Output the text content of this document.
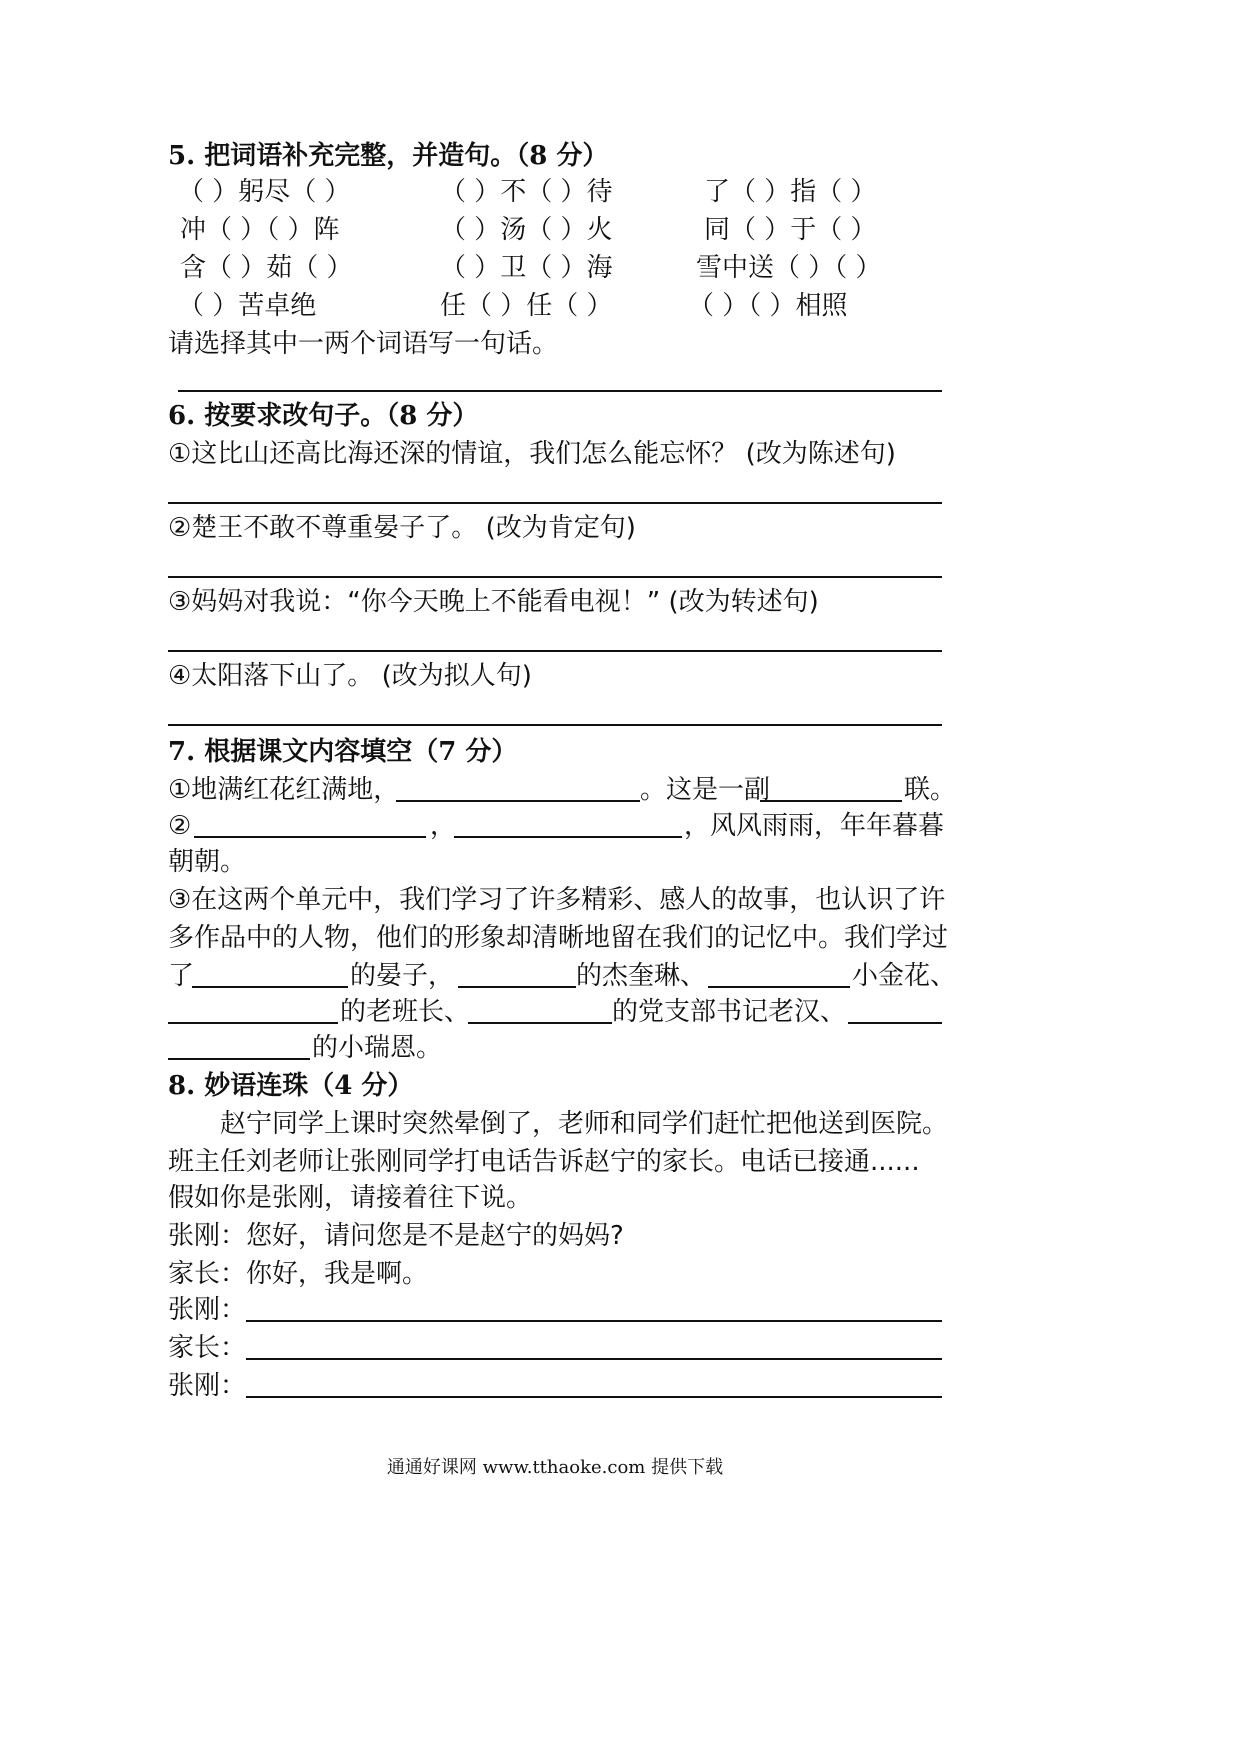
5. 把词语补充完整，并造句。（8 分）
（ ）躬尽（ ）	（ ）不（ ）待	了（ ）指（ ）
冲（ ）（ ）阵	（ ）汤（ ）火	同（ ）于（ ）
含（ ）茹（ ）	（ ）卫（ ）海	雪中送（ ）（ ）
（ ）苦卓绝	任（ ）任（ ）	（ ）（ ）相照
请选择其中一两个词语写一句话。
6. 按要求改句子。（8 分）
①这比山还高比海还深的情谊，我们怎么能忘怀？ (改为陈述句)
②楚王不敢不尊重晏子了。 (改为肯定句)
③妈妈对我说：“你今天晚上不能看电视！” (改为转述句)
④太阳落下山了。 (改为拟人句)
7. 根据课文内容填空（7 分）
①地满红花红满地，	。这是一副	联。
②	，	，风风雨雨，年年暮暮
朝朝。
③在这两个单元中，我们学习了许多精彩、感人的故事，也认识了许
多作品中的人物，他们的形象却清晰地留在我们的记忆中。我们学过
了	的晏子，	的杰奎琳、	小金花、
的老班长、	的党支部书记老汉、
的小瑞恩。
8. 妙语连珠（4 分）
赵宁同学上课时突然晕倒了，老师和同学们赶忙把他送到医院。
班主任刘老师让张刚同学打电话告诉赵宁的家长。电话已接通......
假如你是张刚，请接着往下说。
张刚：您好，请问您是不是赵宁的妈妈?
家长：你好，我是啊。
张刚：
家长：
张刚：
通通好课网 www.tthaoke.com 提供下载
